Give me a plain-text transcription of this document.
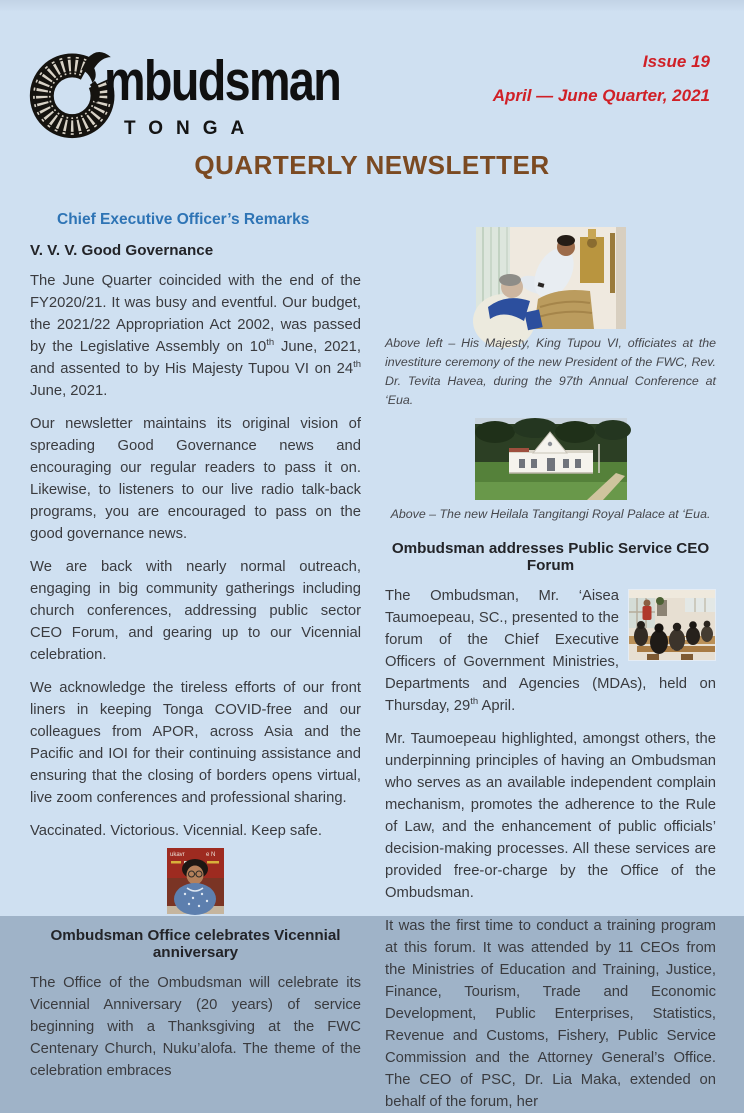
mbudsman
TONGA
Issue 19
April — June Quarter, 2021
QUARTERLY NEWSLETTER
Chief Executive Officer’s Remarks
V. V. V. Good Governance

The June Quarter coincided with the end of the FY2020/21. It was busy and eventful. Our budget, the 2021/22 Appropriation Act 2002, was passed by the Legislative Assembly on 10th June, 2021, and assented to by His Majesty Tupou VI on 24th June, 2021.

Our newsletter maintains its original vision of spreading Good Governance news and encouraging our regular readers to pass it on. Likewise, to listeners to our live radio talk-back programs, you are encouraged to pass on the good governance news.

We are back with nearly normal outreach, engaging in big community gatherings including church conferences, addressing public sector CEO Forum, and gearing up to our Vicennial celebration.

We acknowledge the tireless efforts of our front liners in keeping Tonga COVID-free and our colleagues from APOR, across Asia and the Pacific and IOI for their continuing assistance and ensuring that the closing of borders opens virtual, live zoom conferences and professional sharing.

Vaccinated. Victorious. Vicennial. Keep safe.

ukavr	e N
Ombudsman Office celebrates Vicennial anniversary

The Office of the Ombudsman will celebrate its Vicennial Anniversary (20 years) of service beginning with a Thanksgiving at the FWC Centenary Church, Nuku’alofa. The theme of the celebration embraces

Above left – His Majesty, King Tupou VI, officiates at the investiture ceremony of the new President of the FWC, Rev. Dr. Tevita Havea, during the 97th Annual Conference at ‘Eua.

Above – The new Heilala Tangitangi Royal Palace at ‘Eua.

Ombudsman addresses Public Service CEO Forum

The Ombudsman, Mr. ‘Aisea Taumoepeau, SC., presented to the forum of the Chief Executive Officers of Government Ministries, Departments and Agencies (MDAs), held on Thursday, 29th April.

Mr. Taumoepeau highlighted, amongst others, the underpinning principles of having an Ombudsman who serves as an available independent complain mechanism, promotes the adherence to the Rule of Law, and the enhancement of public officials’ decision-making processes. All these services are provided free-or-charge by the Office of the Ombudsman.

It was the first time to conduct a training program at this forum. It was attended by 11 CEOs from the Ministries of Education and Training, Justice, Finance, Tourism, Trade and Economic Development, Public Enterprises, Statistics, Revenue and Customs, Fishery, Public Service Commission and the Attorney General’s Office. The CEO of PSC, Dr. Lia Maka, extended on behalf of the forum, her
